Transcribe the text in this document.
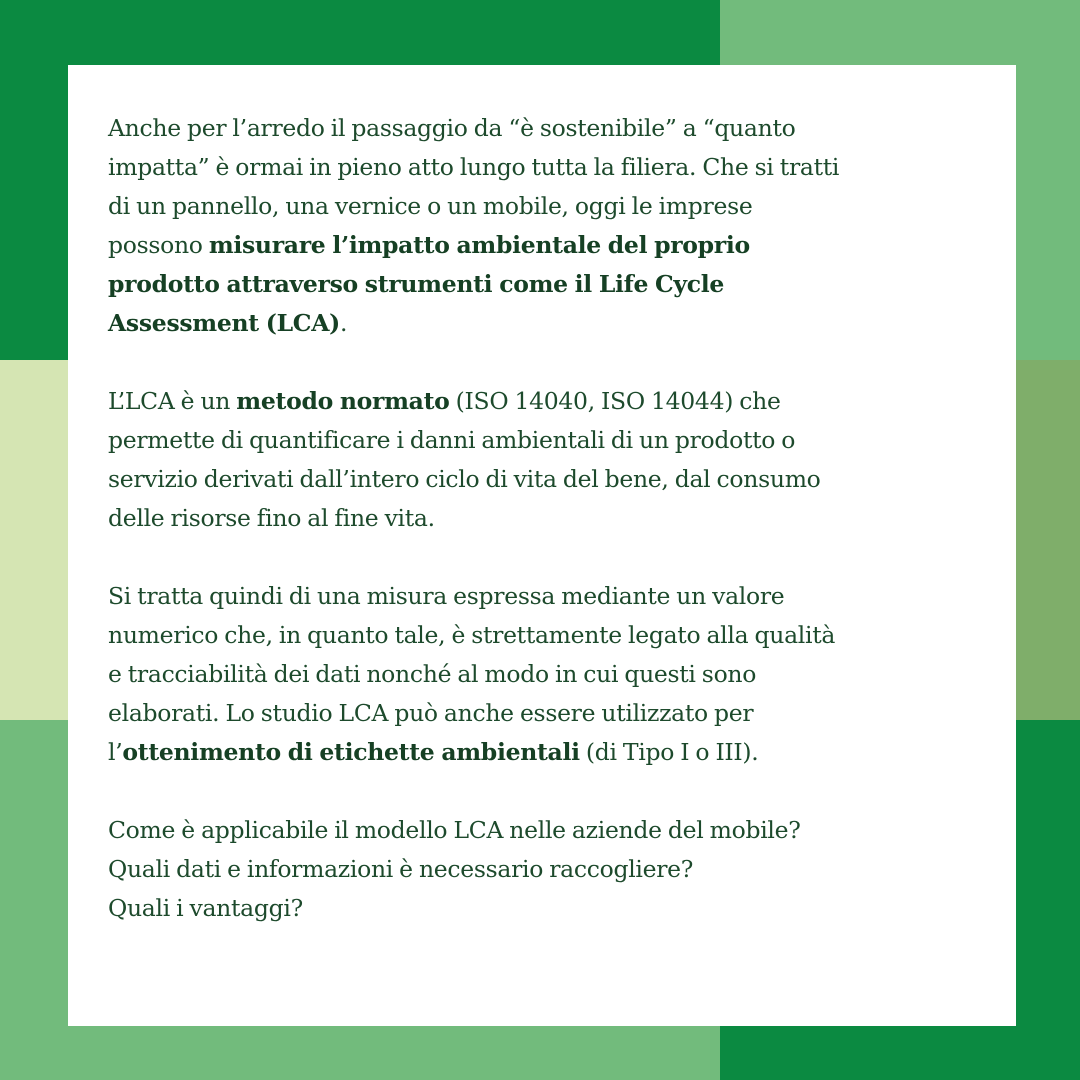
Anche per l’arredo il passaggio da “è sostenibile” a “quanto
impatta” è ormai in pieno atto lungo tutta la filiera. Che si tratti
di un pannello, una vernice o un mobile, oggi le imprese
possono misurare l’impatto ambientale del proprio
prodotto attraverso strumenti come il Life Cycle
Assessment (LCA).

L’LCA è un metodo normato (ISO 14040, ISO 14044) che
permette di quantificare i danni ambientali di un prodotto o
servizio derivati dall’intero ciclo di vita del bene, dal consumo
delle risorse fino al fine vita.

Si tratta quindi di una misura espressa mediante un valore
numerico che, in quanto tale, è strettamente legato alla qualità
e tracciabilità dei dati nonché al modo in cui questi sono
elaborati. Lo studio LCA può anche essere utilizzato per
l’ottenimento di etichette ambientali (di Tipo I o III).

Come è applicabile il modello LCA nelle aziende del mobile?
Quali dati e informazioni è necessario raccogliere?
Quali i vantaggi?
